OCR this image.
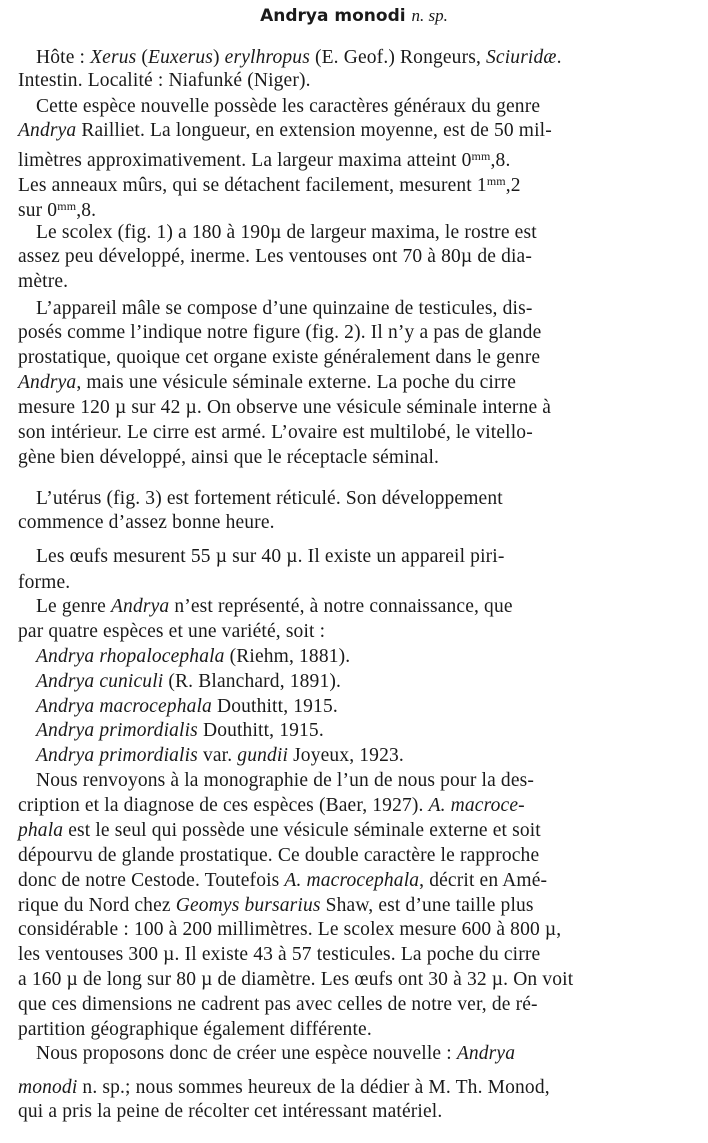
Andrya monodi n. sp.
Hôte : Xerus (Euxerus) erylhropus (E. Geof.) Rongeurs, Sciuridæ.
Intestin. Localité : Niafunké (Niger).
Cette espèce nouvelle possède les caractères généraux du genre
Andrya Railliet. La longueur, en extension moyenne, est de 50 mil-
limètres approximativement. La largeur maxima atteint $0^{mm},8$.
Les anneaux mûrs, qui se détachent facilement, mesurent $1^{mm},2$
sur $0^{mm},8$.
Le scolex (fig. 1) a 180 à 190µ de largeur maxima, le rostre est
assez peu développé, inerme. Les ventouses ont 70 à 80µ de dia-
mètre.
L’appareil mâle se compose d’une quinzaine de testicules, dis-
posés comme l’indique notre figure (fig. 2). Il n’y a pas de glande
prostatique, quoique cet organe existe généralement dans le genre
Andrya, mais une vésicule séminale externe. La poche du cirre
mesure 120 µ sur 42 µ. On observe une vésicule séminale interne à
son intérieur. Le cirre est armé. L’ovaire est multilobé, le vitello-
gène bien développé, ainsi que le réceptacle séminal.
L’utérus (fig. 3) est fortement réticulé. Son développement
commence d’assez bonne heure.
Les œufs mesurent 55 µ sur 40 µ. Il existe un appareil piri-
forme.
Le genre Andrya n’est représenté, à notre connaissance, que
par quatre espèces et une variété, soit :
Andrya rhopalocephala (Riehm, 1881).
Andrya cuniculi (R. Blanchard, 1891).
Andrya macrocephala Douthitt, 1915.
Andrya primordialis Douthitt, 1915.
Andrya primordialis var. gundii Joyeux, 1923.
Nous renvoyons à la monographie de l’un de nous pour la des-
cription et la diagnose de ces espèces (Baer, 1927). A. macroce-
phala est le seul qui possède une vésicule séminale externe et soit
dépourvu de glande prostatique. Ce double caractère le rapproche
donc de notre Cestode. Toutefois A. macrocephala, décrit en Amé-
rique du Nord chez Geomys bursarius Shaw, est d’une taille plus
considérable : 100 à 200 millimètres. Le scolex mesure 600 à 800 µ,
les ventouses 300 µ. Il existe 43 à 57 testicules. La poche du cirre
a 160 µ de long sur 80 µ de diamètre. Les œufs ont 30 à 32 µ. On voit
que ces dimensions ne cadrent pas avec celles de notre ver, de ré-
partition géographique également différente.
Nous proposons donc de créer une espèce nouvelle : Andrya
monodi n. sp.; nous sommes heureux de la dédier à M. Th. Monod,
qui a pris la peine de récolter cet intéressant matériel.
